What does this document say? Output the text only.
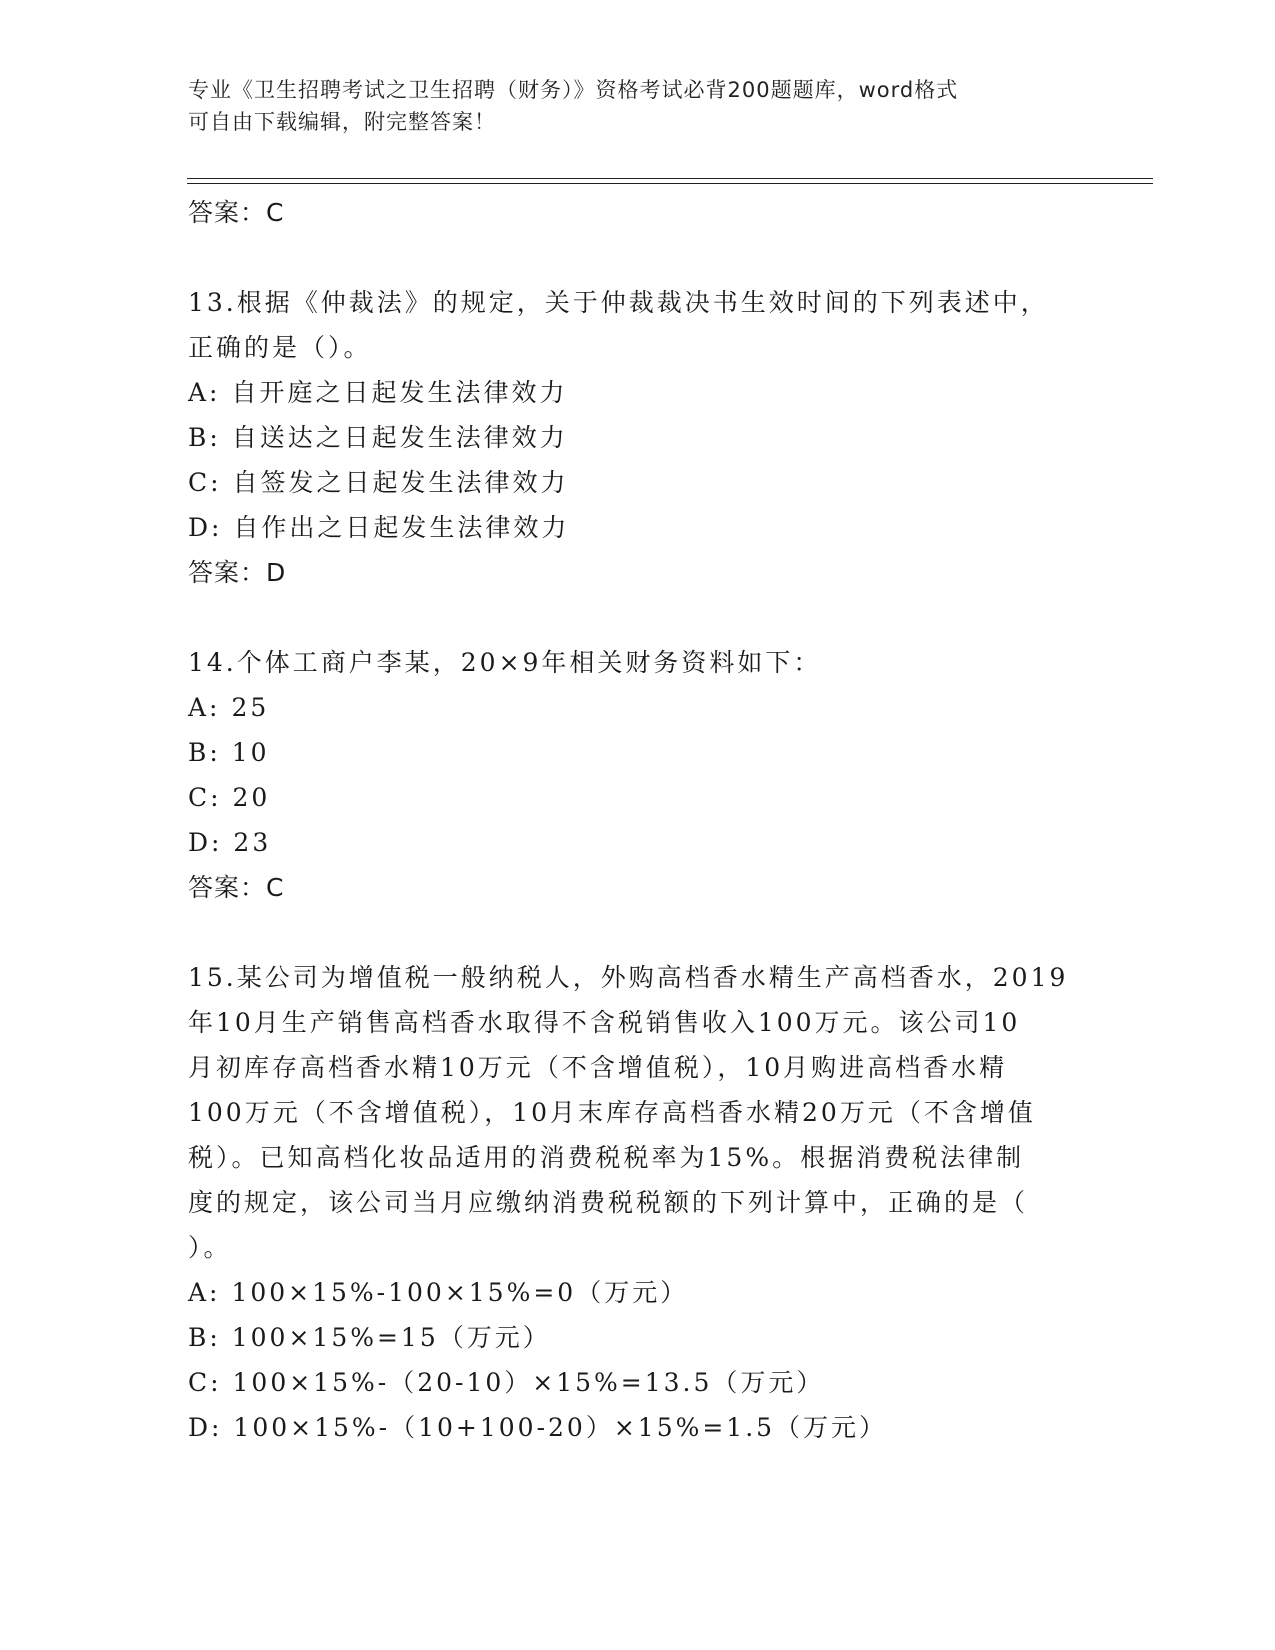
专业《卫生招聘考试之卫生招聘（财务）》资格考试必背200题题库，word格式
可自由下载编辑，附完整答案！

答案：C

13.根据《仲裁法》的规定，关于仲裁裁决书生效时间的下列表述中，

正确的是（）。

A: 自开庭之日起发生法律效力

B: 自送达之日起发生法律效力

C: 自签发之日起发生法律效力

D: 自作出之日起发生法律效力

答案：D

14.个体工商户李某，20×9年相关财务资料如下：

A: 25

B: 10

C: 20

D: 23

答案：C

15.某公司为增值税一般纳税人，外购高档香水精生产高档香水，2019

年10月生产销售高档香水取得不含税销售收入100万元。该公司10

月初库存高档香水精10万元（不含增值税），10月购进高档香水精

100万元（不含增值税），10月末库存高档香水精20万元（不含增值

税）。已知高档化妆品适用的消费税税率为15%。根据消费税法律制

度的规定，该公司当月应缴纳消费税税额的下列计算中，正确的是（

）。

A: 100×15%-100×15%=0（万元）

B: 100×15%=15（万元）

C: 100×15%-（20-10）×15%=13.5（万元）

D: 100×15%-（10+100-20）×15%=1.5（万元）
